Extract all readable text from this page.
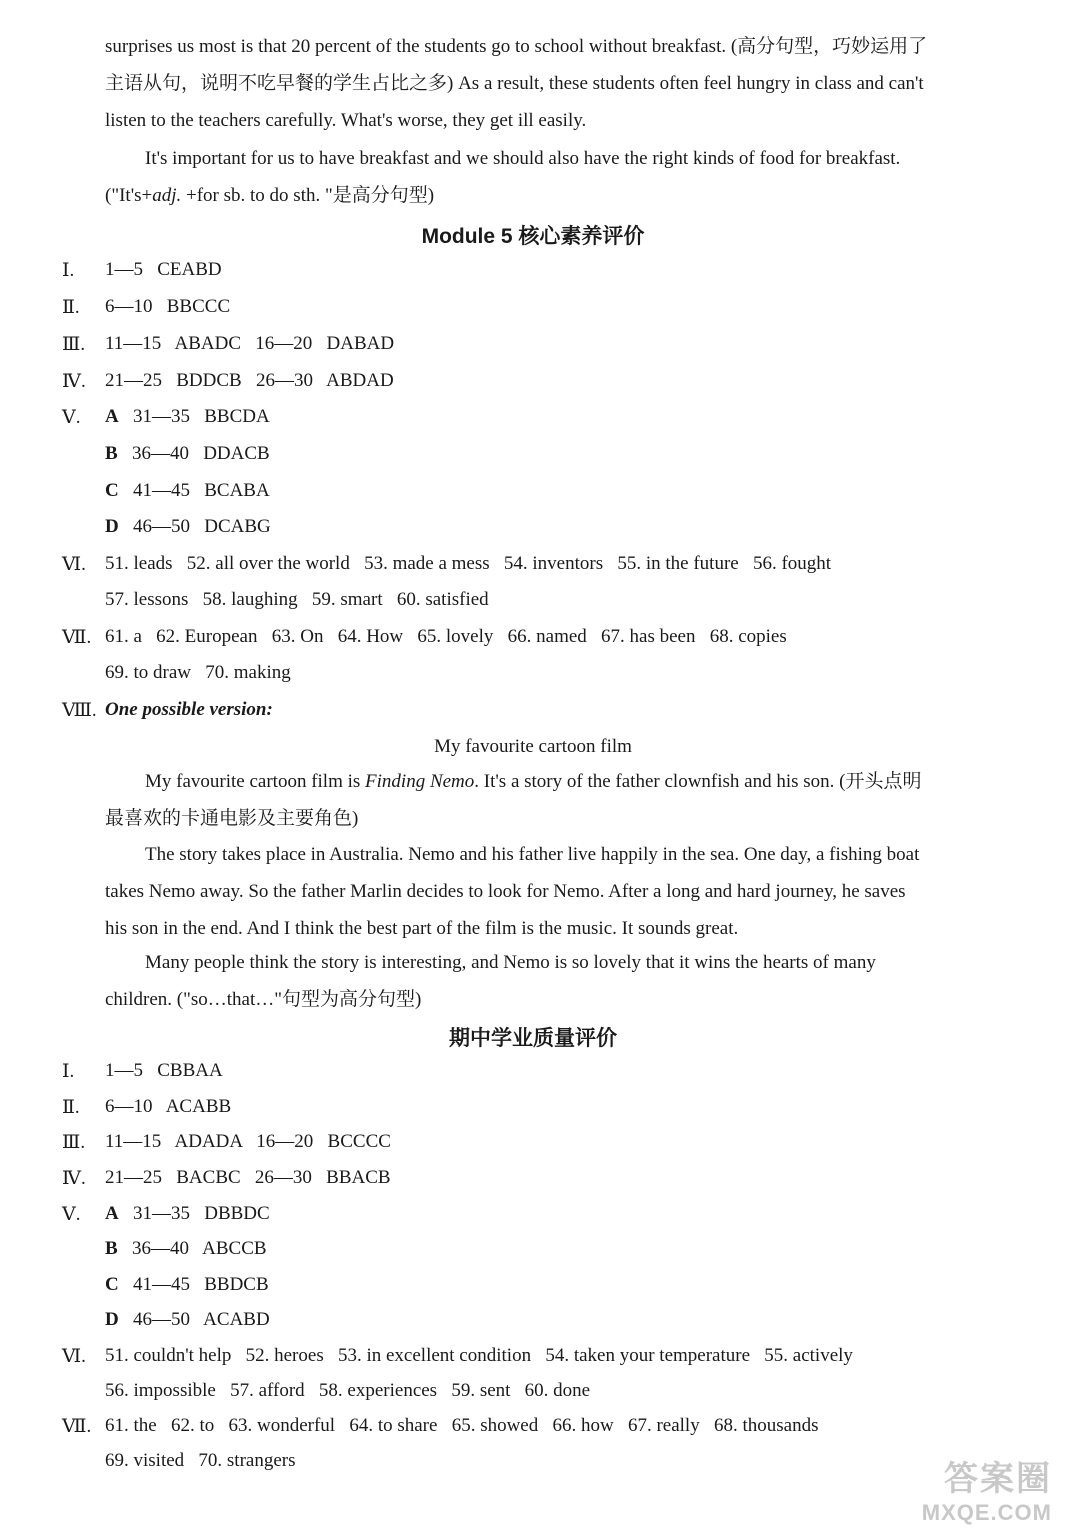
surprises us most is that 20 percent of the students go to school without breakfast. (高分句型，巧妙运用了
主语从句，说明不吃早餐的学生占比之多) As a result, these students often feel hungry in class and can't
listen to the teachers carefully. What's worse, they get ill easily.
It's important for us to have breakfast and we should also have the right kinds of food for breakfast.
("It's+adj. +for sb. to do sth. "是高分句型)
Module 5 核心素养评价
Ⅰ. 1—5   CEABD
Ⅱ. 6—10   BBCCC
Ⅲ. 11—15   ABADC   16—20   DABAD
Ⅳ. 21—25   BDDCB   26—30   ABDAD
Ⅴ. A 31—35   BBCDA
B 36—40   DDACB
C 41—45   BCABA
D 46—50   DCABG
Ⅵ. 51. leads   52. all over the world   53. made a mess   54. inventors   55. in the future   56. fought
57. lessons   58. laughing   59. smart   60. satisfied
Ⅶ. 61. a   62. European   63. On   64. How   65. lovely   66. named   67. has been   68. copies
69. to draw   70. making
Ⅷ. One possible version:
My favourite cartoon film
My favourite cartoon film is Finding Nemo. It's a story of the father clownfish and his son. (开头点明
最喜欢的卡通电影及主要角色)
The story takes place in Australia. Nemo and his father live happily in the sea. One day, a fishing boat
takes Nemo away. So the father Marlin decides to look for Nemo. After a long and hard journey, he saves
his son in the end. And I think the best part of the film is the music. It sounds great.
Many people think the story is interesting, and Nemo is so lovely that it wins the hearts of many
children. ("so…that…"句型为高分句型)
期中学业质量评价
Ⅰ. 1—5   CBBAA
Ⅱ. 6—10   ACABB
Ⅲ. 11—15   ADADA   16—20   BCCCC
Ⅳ. 21—25   BACBC   26—30   BBACB
Ⅴ. A 31—35   DBBDC
B 36—40   ABCCB
C 41—45   BBDCB
D 46—50   ACABD
Ⅵ. 51. couldn't help   52. heroes   53. in excellent condition   54. taken your temperature   55. actively
56. impossible   57. afford   58. experiences   59. sent   60. done
Ⅶ. 61. the   62. to   63. wonderful   64. to share   65. showed   66. how   67. really   68. thousands
69. visited   70. strangers	答案圈
MXQE.COM
